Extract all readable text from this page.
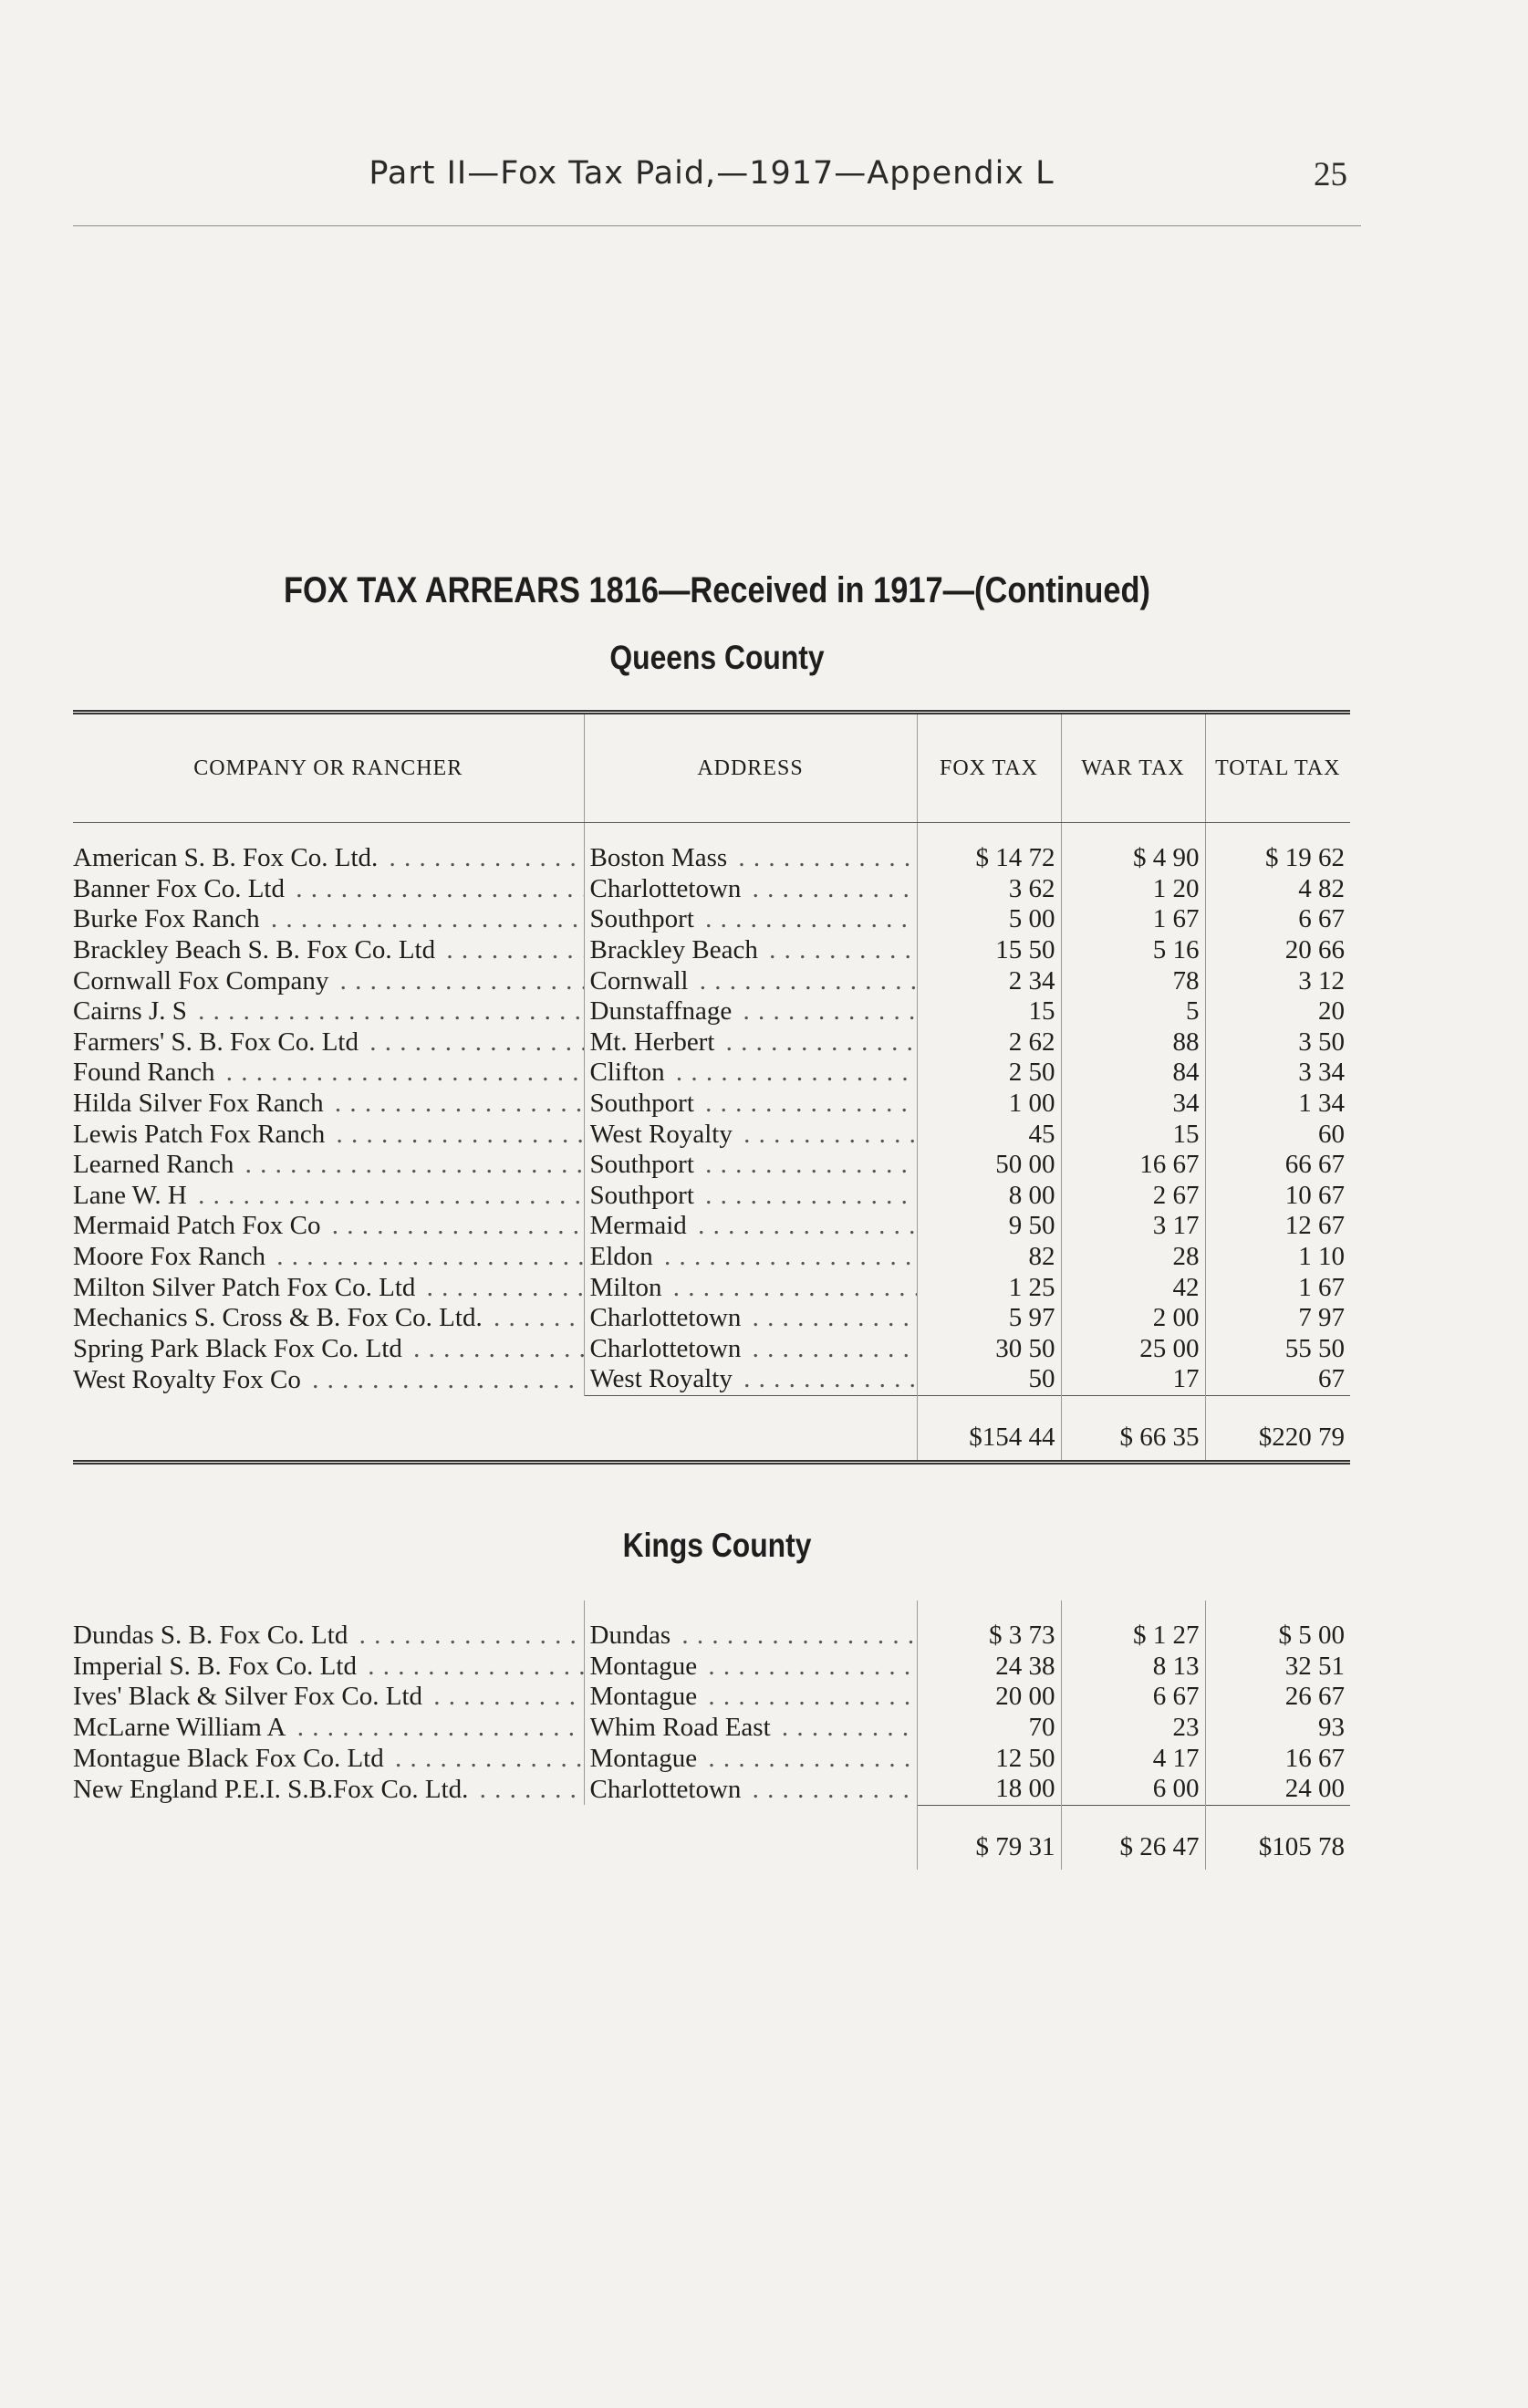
Part II—Fox Tax Paid,—1917—Appendix L	25
FOX TAX ARREARS 1816—Received in 1917—(Continued)
Queens County
COMPANY OR RANCHER	ADDRESS	FOX TAX	WAR TAX	TOTAL TAX

American S. B. Fox Co. Ltd. . . .	Boston Mass . . .	$ 14 72	$ 4 90	$ 19 62

Banner Fox Co. Ltd . . .	Charlottetown . . .	3 62	1 20	4 82

Burke Fox Ranch . . .	Southport . . .	5 00	1 67	6 67

Brackley Beach S. B. Fox Co. Ltd . . .	Brackley Beach . . .	15 50	5 16	20 66

Cornwall Fox Company . . .	Cornwall . . .	2 34	78	3 12

Cairns J. S . . .	Dunstaffnage . . .	15	5	20

Farmers' S. B. Fox Co. Ltd . . .	Mt. Herbert . . .	2 62	88	3 50

Found Ranch . . .	Clifton . . .	2 50	84	3 34

Hilda Silver Fox Ranch . . .	Southport . . .	1 00	34	1 34

Lewis Patch Fox Ranch . . .	West Royalty . . .	45	15	60

Learned Ranch . . .	Southport . . .	50 00	16 67	66 67

Lane W. H . . .	Southport . . .	8 00	2 67	10 67

Mermaid Patch Fox Co . . .	Mermaid . . .	9 50	3 17	12 67

Moore Fox Ranch . . .	Eldon . . .	82	28	1 10

Milton Silver Patch Fox Co. Ltd . . .	Milton . . .	1 25	42	1 67

Mechanics S. Cross & B. Fox Co. Ltd. . . .	Charlottetown . . .	5 97	2 00	7 97

Spring Park Black Fox Co. Ltd . . .	Charlottetown . . .	30 50	25 00	55 50

West Royalty Fox Co . . .	West Royalty . . .	50	17	67
		$154 44	$ 66 35	$220 79
Kings County
Dundas S. B. Fox Co. Ltd . . .	Dundas . . .	$ 3 73	$ 1 27	$ 5 00

Imperial S. B. Fox Co. Ltd . . .	Montague . . .	24 38	8 13	32 51

Ives' Black & Silver Fox Co. Ltd . . .	Montague . . .	20 00	6 67	26 67

McLarne William A . . .	Whim Road East . . .	70	23	93

Montague Black Fox Co. Ltd . . .	Montague . . .	12 50	4 17	16 67

New England P.E.I. S.B.Fox Co. Ltd. . . .	Charlottetown . . .	18 00	6 00	24 00
		$ 79 31	$ 26 47	$105 78
